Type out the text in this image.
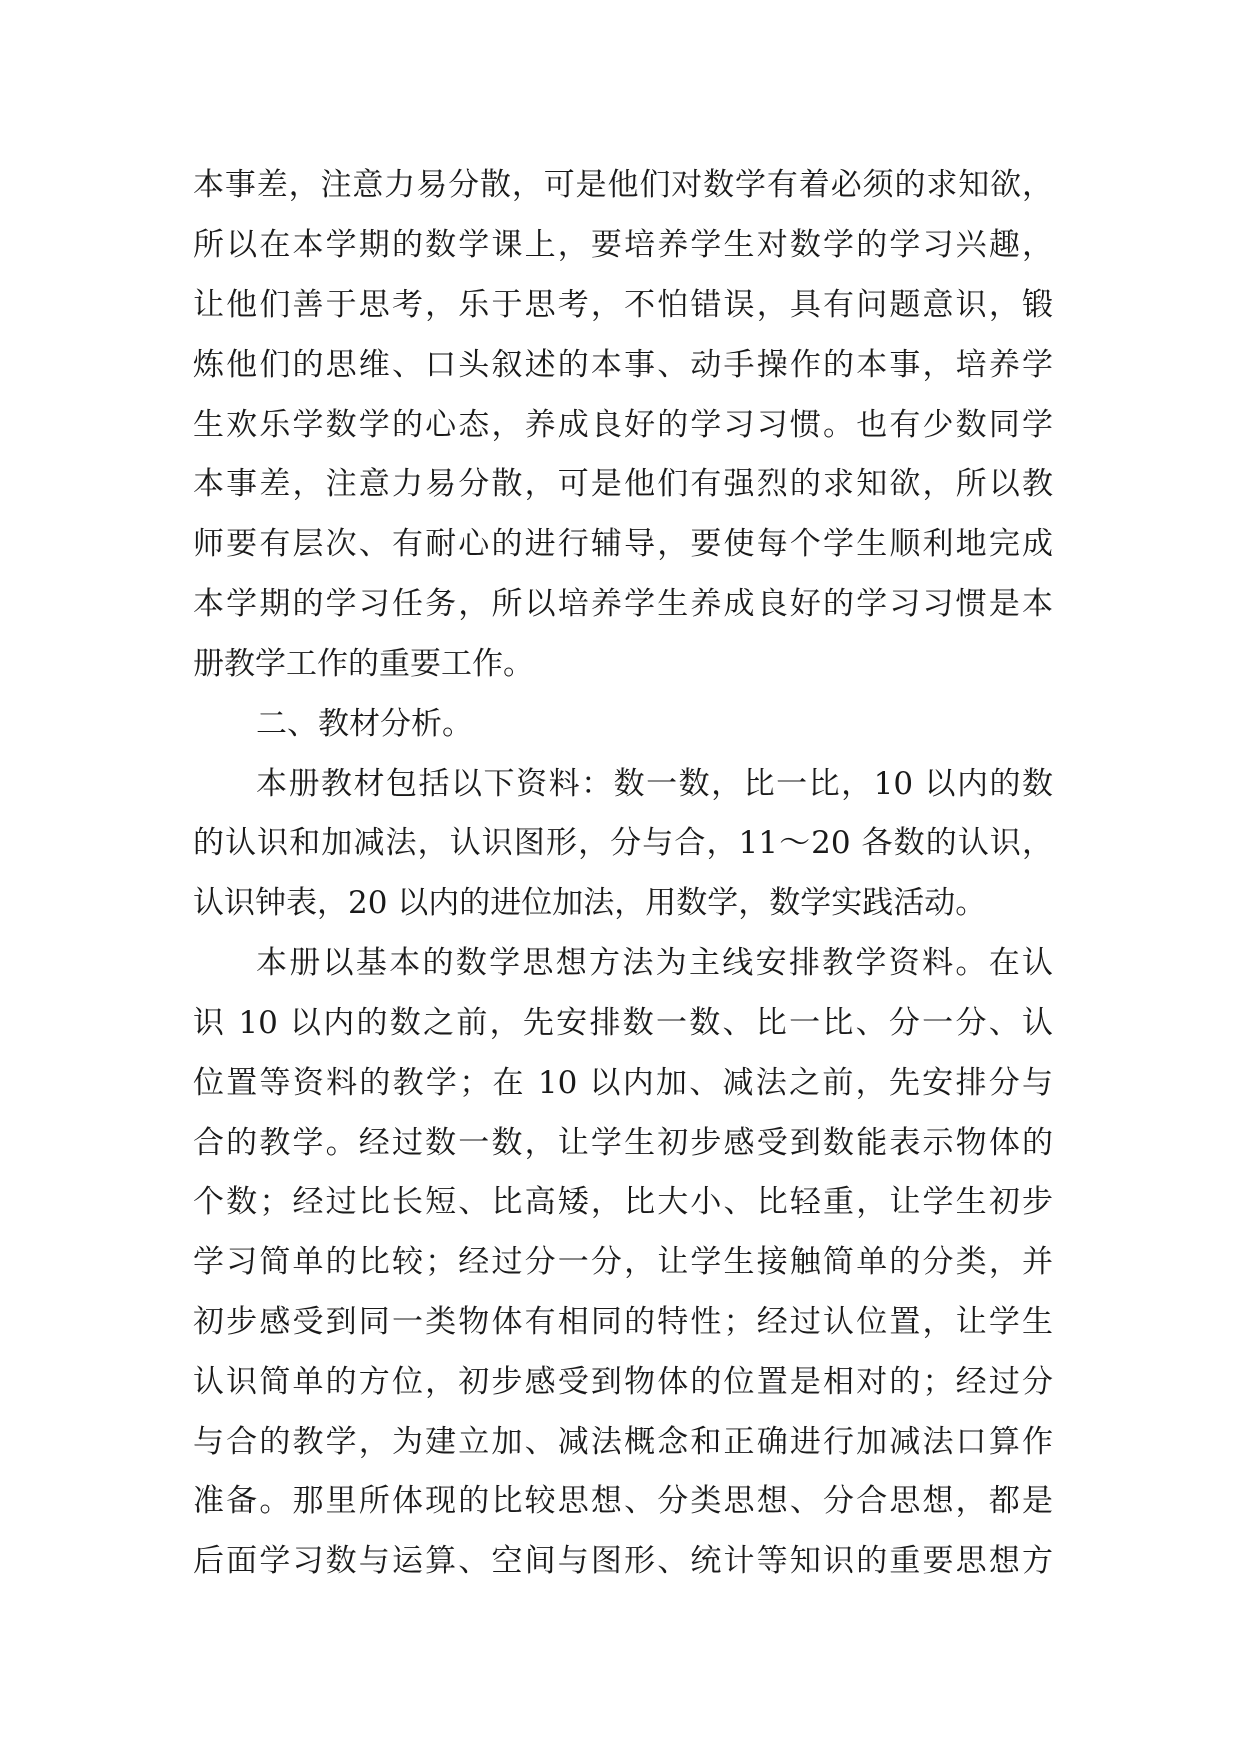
本事差，注意力易分散，可是他们对数学有着必须的求知欲，

所以在本学期的数学课上，要培养学生对数学的学习兴趣，

让他们善于思考，乐于思考，不怕错误，具有问题意识，锻

炼他们的思维、口头叙述的本事、动手操作的本事，培养学

生欢乐学数学的心态，养成良好的学习习惯。也有少数同学

本事差，注意力易分散，可是他们有强烈的求知欲，所以教

师要有层次、有耐心的进行辅导，要使每个学生顺利地完成

本学期的学习任务，所以培养学生养成良好的学习习惯是本

册教学工作的重要工作。

二、教材分析。

本册教材包括以下资料：数一数，比一比，10 以内的数

的认识和加减法，认识图形，分与合，11～20 各数的认识，

认识钟表，20 以内的进位加法，用数学，数学实践活动。

本册以基本的数学思想方法为主线安排教学资料。在认

识 10 以内的数之前，先安排数一数、比一比、分一分、认

位置等资料的教学；在 10 以内加、减法之前，先安排分与

合的教学。经过数一数，让学生初步感受到数能表示物体的

个数；经过比长短、比高矮，比大小、比轻重，让学生初步

学习简单的比较；经过分一分，让学生接触简单的分类，并

初步感受到同一类物体有相同的特性；经过认位置，让学生

认识简单的方位，初步感受到物体的位置是相对的；经过分

与合的教学，为建立加、减法概念和正确进行加减法口算作

准备。那里所体现的比较思想、分类思想、分合思想，都是

后面学习数与运算、空间与图形、统计等知识的重要思想方
